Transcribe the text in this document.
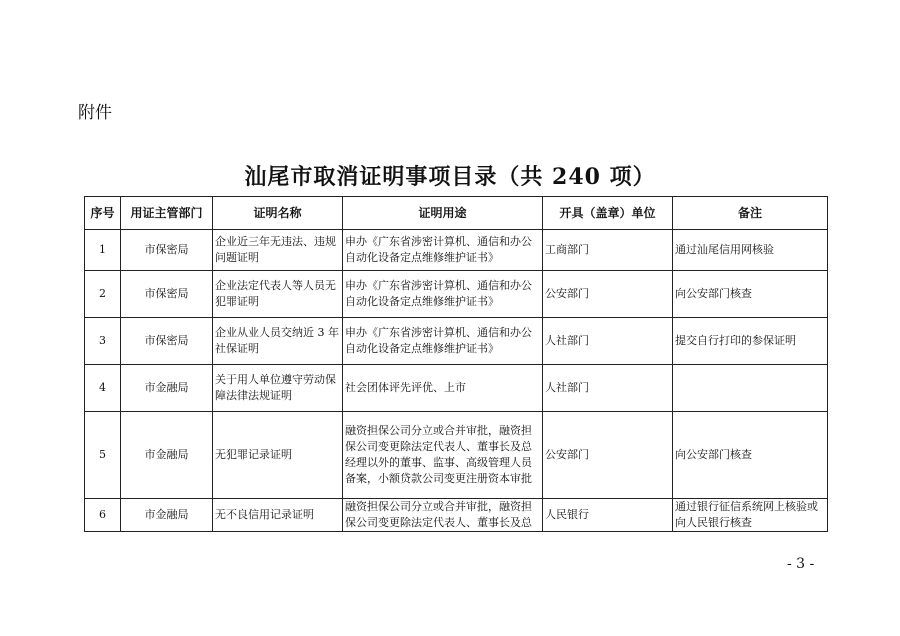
附件
汕尾市取消证明事项目录（共 240 项）
序号	用证主管部门	证明名称	证明用途	开具（盖章）单位	备注
1	市保密局	企业近三年无违法、违规问题证明	申办《广东省涉密计算机、通信和办公自动化设备定点维修维护证书》	工商部门	通过汕尾信用网核验
2	市保密局	企业法定代表人等人员无犯罪证明	申办《广东省涉密计算机、通信和办公自动化设备定点维修维护证书》	公安部门	向公安部门核查
3	市保密局	企业从业人员交纳近 3 年社保证明	申办《广东省涉密计算机、通信和办公自动化设备定点维修维护证书》	人社部门	提交自行打印的参保证明
4	市金融局	关于用人单位遵守劳动保障法律法规证明	社会团体评先评优、上市	人社部门	
5	市金融局	无犯罪记录证明	融资担保公司分立或合并审批，融资担保公司变更除法定代表人、董事长及总经理以外的董事、监事、高级管理人员备案，小额贷款公司变更注册资本审批	公安部门	向公安部门核查
6	市金融局	无不良信用记录证明	融资担保公司分立或合并审批，融资担保公司变更除法定代表人、董事长及总	人民银行	通过银行征信系统网上核验或向人民银行核查
- 3 -
